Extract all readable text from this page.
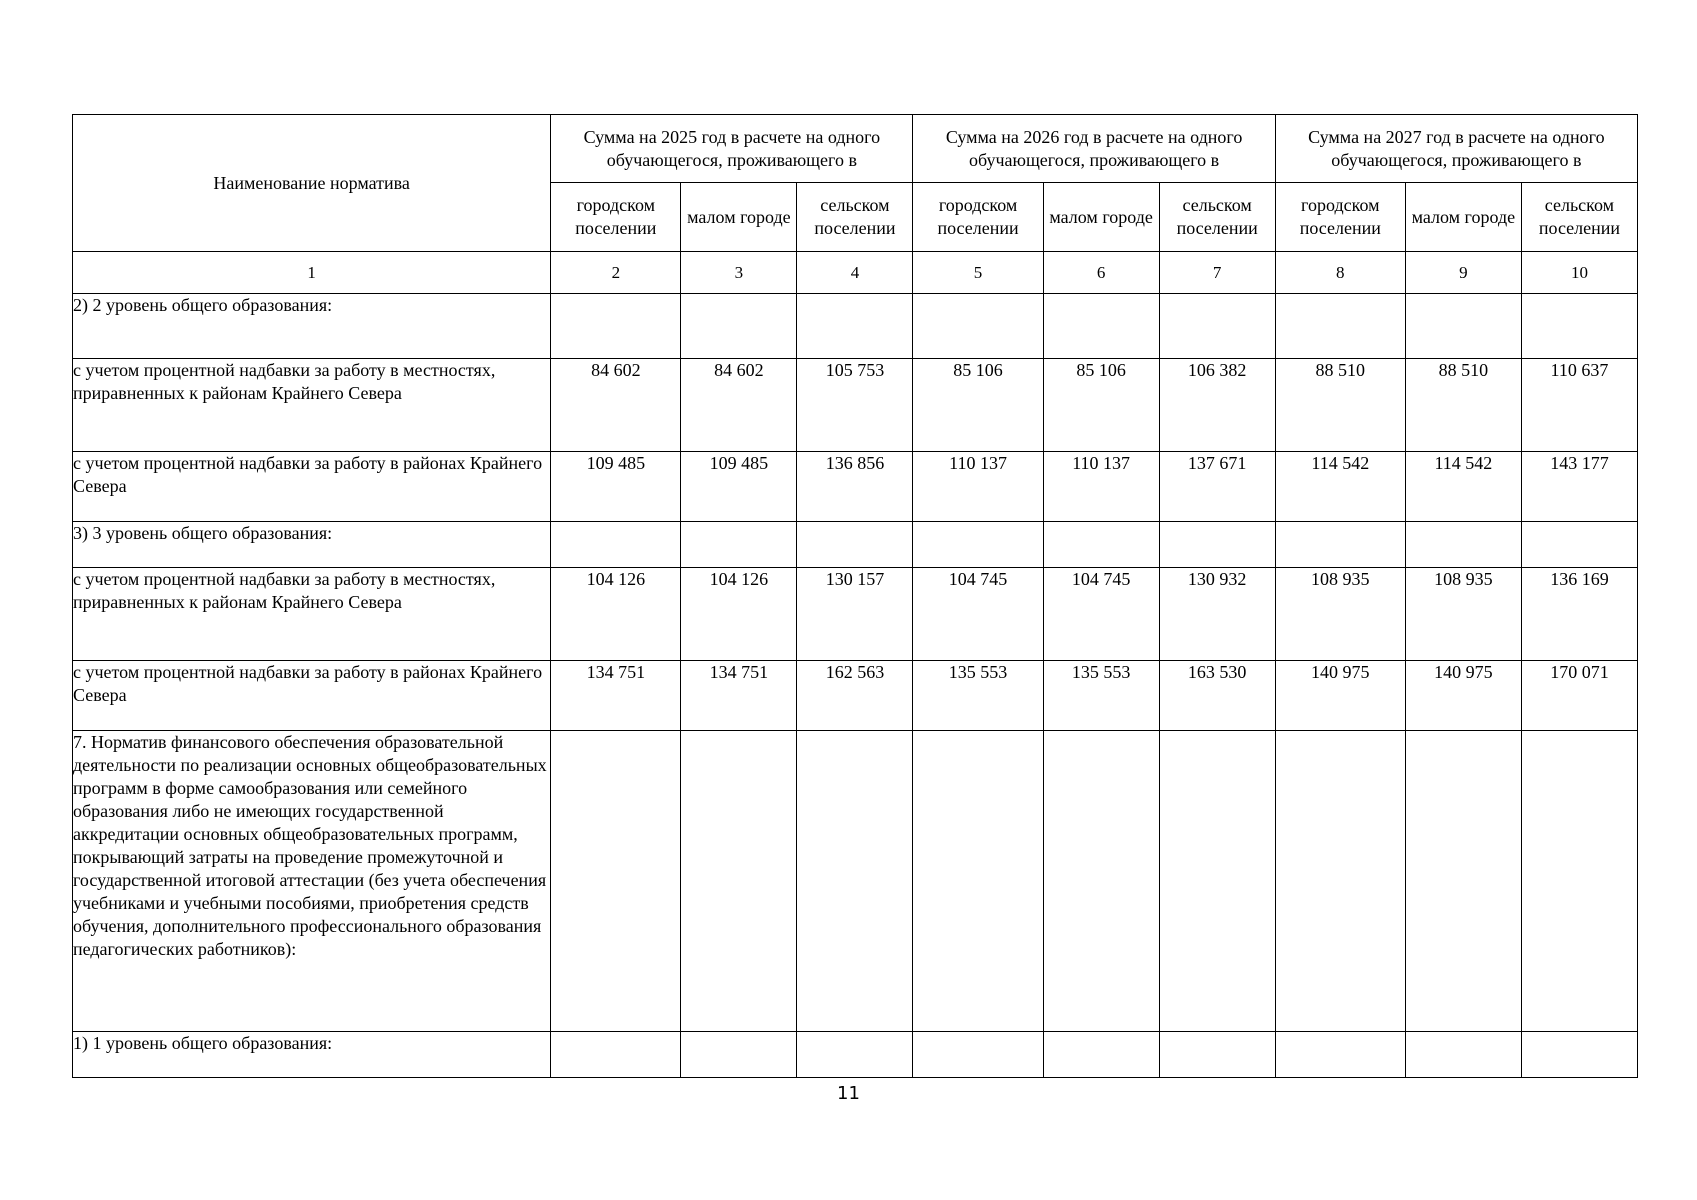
Наименование норматива	Сумма на 2025 год в расчете на одного обучающегося, проживающего в			Сумма на 2026 год в расчете на одного обучающегося, проживающего в			Сумма на 2027 год в расчете на одного обучающегося, проживающего в		
	городском поселении	малом городе	сельском поселении	городском поселении	малом городе	сельском поселении	городском поселении	малом городе	сельском поселении
1	2	3	4	5	6	7	8	9	10
2) 2 уровень общего образования:									
с учетом процентной надбавки за работу в местностях, приравненных к районам Крайнего Севера	84 602	84 602	105 753	85 106	85 106	106 382	88 510	88 510	110 637
с учетом процентной надбавки за работу в районах Крайнего Севера	109 485	109 485	136 856	110 137	110 137	137 671	114 542	114 542	143 177
3) 3 уровень общего образования:									
с учетом процентной надбавки за работу в местностях, приравненных к районам Крайнего Севера	104 126	104 126	130 157	104 745	104 745	130 932	108 935	108 935	136 169
с учетом процентной надбавки за работу в районах Крайнего Севера	134 751	134 751	162 563	135 553	135 553	163 530	140 975	140 975	170 071
7. Норматив финансового обеспечения образовательной деятельности по реализации основных общеобразовательных программ в форме самообразования или семейного образования либо не имеющих государственной аккредитации основных общеобразовательных программ, покрывающий затраты на проведение промежуточной и государственной итоговой аттестации (без учета обеспечения учебниками и учебными пособиями, приобретения средств обучения, дополнительного профессионального образования педагогических работников):									
1) 1 уровень общего образования:									
11
